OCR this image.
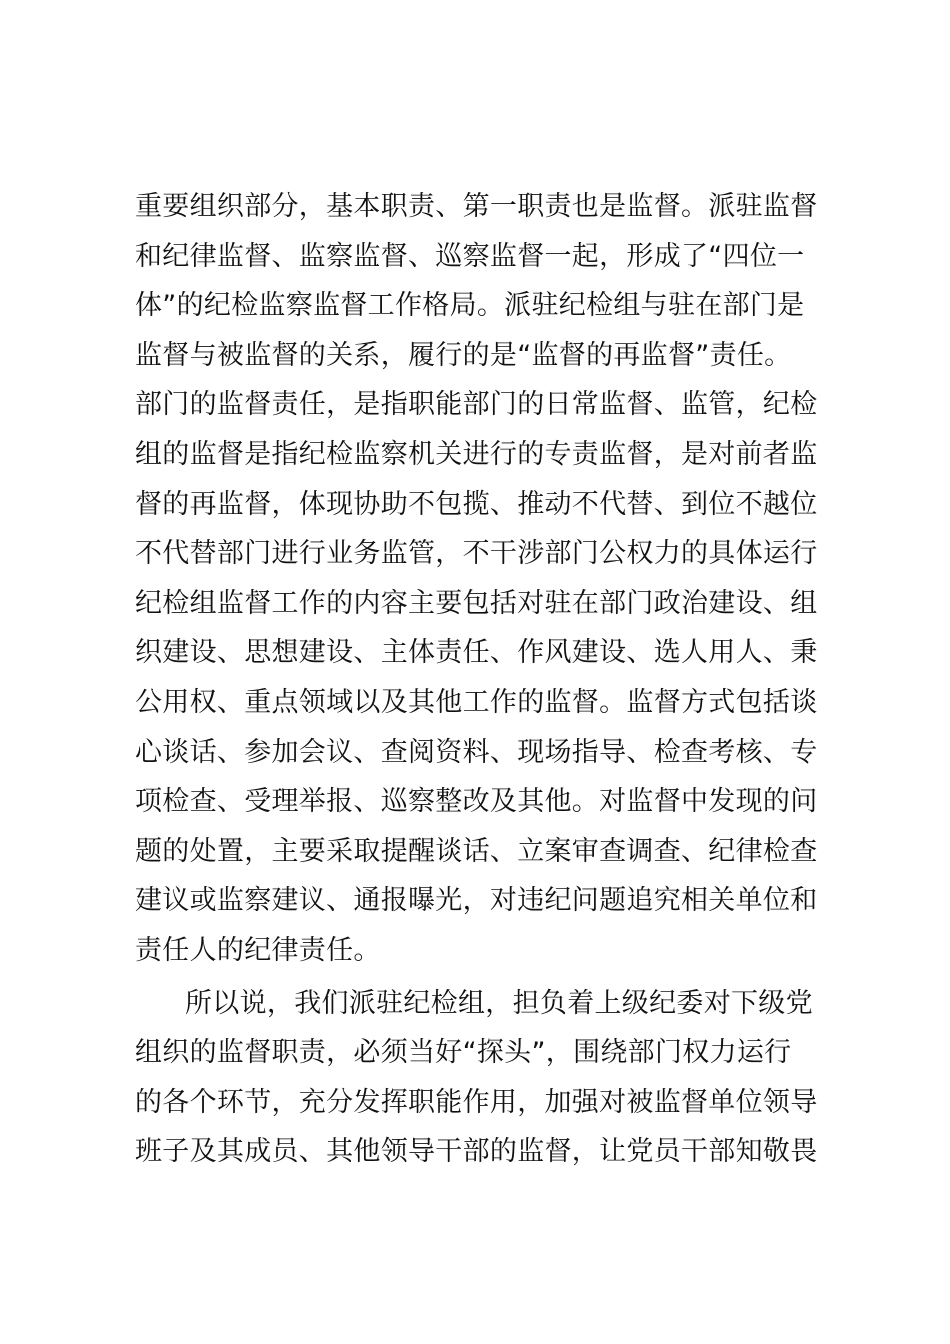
重要组织部分，基本职责、第一职责也是监督。派驻监督
和纪律监督、监察监督、巡察监督一起，形成了“四位一
体”的纪检监察监督工作格局。派驻纪检组与驻在部门是
监督与被监督的关系，履行的是“监督的再监督”责任。
部门的监督责任，是指职能部门的日常监督、监管，纪检
组的监督是指纪检监察机关进行的专责监督，是对前者监
督的再监督，体现协助不包揽、推动不代替、到位不越位
不代替部门进行业务监管，不干涉部门公权力的具体运行
纪检组监督工作的内容主要包括对驻在部门政治建设、组
织建设、思想建设、主体责任、作风建设、选人用人、秉
公用权、重点领域以及其他工作的监督。监督方式包括谈
心谈话、参加会议、查阅资料、现场指导、检查考核、专
项检查、受理举报、巡察整改及其他。对监督中发现的问
题的处置，主要采取提醒谈话、立案审查调查、纪律检查
建议或监察建议、通报曝光，对违纪问题追究相关单位和
责任人的纪律责任。
所以说，我们派驻纪检组，担负着上级纪委对下级党
组织的监督职责，必须当好“探头”，围绕部门权力运行
的各个环节，充分发挥职能作用，加强对被监督单位领导
班子及其成员、其他领导干部的监督，让党员干部知敬畏
